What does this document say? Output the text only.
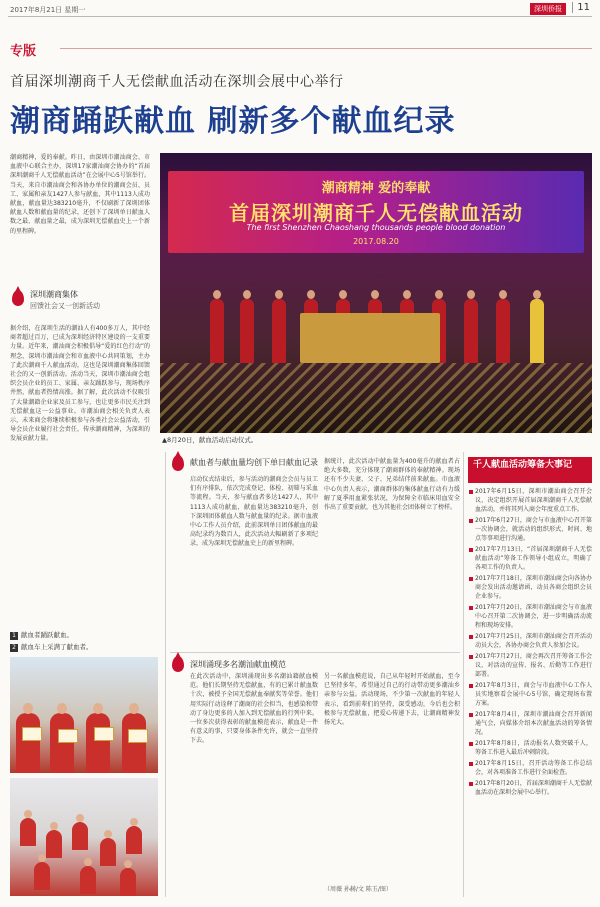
2017年8月21日 星期一	深圳侨报	11
专版
首届深圳潮商千人无偿献血活动在深圳会展中心举行
潮商踊跃献血 刷新多个献血纪录
潮商精神，爱的奉献。昨日，由深圳市潮汕商会、市血液中心联合主办，深圳17家潮汕商会协办的“首届深圳潮商千人无偿献血活动”在会展中心5号馆举行。当天，来自市潮汕商会和各协办单位的潮商会员、员工、家属和亲友1427人参与献血，其中1113人成功献血，献血量达383210毫升，不仅刷新了深圳团体献血人数和献血量的纪录，还创下了深圳单日献血人数之最、献血量之最，成为深圳无偿献血史上一个新的里程碑。
潮商精神 爱的奉献
首届深圳潮商千人无偿献血活动
The first Shenzhen Chaoshang thousands people blood donation
2017.08.20
▲8月20日，献血活动启动仪式。
深圳潮商集体
回馈社会又一创新活动
据介绍，在深圳生活的潮汕人有400多万人，其中经商者超过百万，已成为深圳经济特区建设的一支重要力量。近年来，潮汕商会积极倡导“爱的红色行动”的理念，深圳市潮汕商会和市血液中心共同策划，主办了此次潮商千人献血活动，这也是深圳潮商集体回馈社会的又一创新活动。活动当天，深圳市潮汕商会组织会员企业的员工、家属、亲友踊跃参与，现场秩序井然，献血者热情高涨。据了解，此次活动不仅吸引了大量潮籍企业家及员工参与，也让更多市民关注到无偿献血这一公益事业。市潮汕商会相关负责人表示，未来商会将继续积极参与各类社会公益活动，引导会员企业履行社会责任，传承潮商精神，为深圳的发展贡献力量。
1 献血者踊跃献血。
2 献血车上采满了献血者。
献血者与献血量均创下单日献血记录
启动仪式结束后，参与活动的潮商会会员与员工们有序排队，依次完成登记、体检、初筛与采血等流程。当天，参与献血者多达1427人，其中1113人成功献血，献血量达383210毫升，创下深圳团体献血人数与献血量的纪录。据市血液中心工作人员介绍，此前深圳单日团体献血的最高纪录约为数百人，此次活动大幅刷新了多项纪录，成为深圳无偿献血史上的新里程碑。
据统计，此次活动中献血量为400毫升的献血者占绝大多数，充分体现了潮商群体的奉献精神。现场还有不少夫妻、父子、兄弟结伴前来献血。市血液中心负责人表示，潮商群体的集体献血行动有力缓解了夏季用血紧张状况，为保障全市临床用血安全作出了重要贡献，也为其他社会团体树立了榜样。
深圳涌现多名潮汕献血模范
在此次活动中，深圳涌现出多名潮汕籍献血模范。他们长期坚持无偿献血，有的已累计献血数十次，被授予全国无偿献血奉献奖等荣誉。他们用实际行动诠释了潮商的社会担当，也感染和带动了身边更多的人加入到无偿献血的行列中来。一位多次获得表彰的献血模范表示，献血是一件有意义的事，只要身体条件允许，就会一直坚持下去。
另一名献血模范说，自己从年轻时开始献血，至今已坚持多年，希望通过自己的行动带动更多潮汕乡亲参与公益。活动现场，不少第一次献血的年轻人表示，看到前辈们的坚持，深受感动，今后也会积极参与无偿献血，把爱心传递下去，让潮商精神发扬光大。
（周薇 孙赫/文 陈玉/图）
千人献血活动筹备大事记
2017年6月15日，深圳市潮汕商会召开会议，决定组织开展首届深圳潮商千人无偿献血活动，并将其列入商会年度重点工作。
2017年6月27日，商会与市血液中心召开第一次协调会，就活动的组织形式、时间、地点等事项进行沟通。
2017年7月13日，“首届深圳潮商千人无偿献血活动”筹备工作领导小组成立，明确了各项工作的负责人。
2017年7月18日，深圳市潮汕商会向各协办商会发出活动邀请函，动员各商会组织会员企业参与。
2017年7月20日，深圳市潮汕商会与市血液中心召开第二次协调会，进一步明确活动流程和现场安排。
2017年7月25日，深圳市潮汕商会召开活动动员大会，各协办商会负责人参加会议。
2017年7月27日，商会再次召开筹备工作会议，对活动的宣传、报名、后勤等工作进行部署。
2017年8月3日，商会与市血液中心工作人员实地察看会展中心5号馆，确定现场布置方案。
2017年8月4日，深圳市潮汕商会召开新闻通气会，向媒体介绍本次献血活动的筹备情况。
2017年8月8日，活动报名人数突破千人，筹备工作进入最后冲刺阶段。
2017年8月15日，召开活动筹备工作总结会，对各项准备工作进行全面检查。
2017年8月20日，首届深圳潮商千人无偿献血活动在深圳会展中心举行。
